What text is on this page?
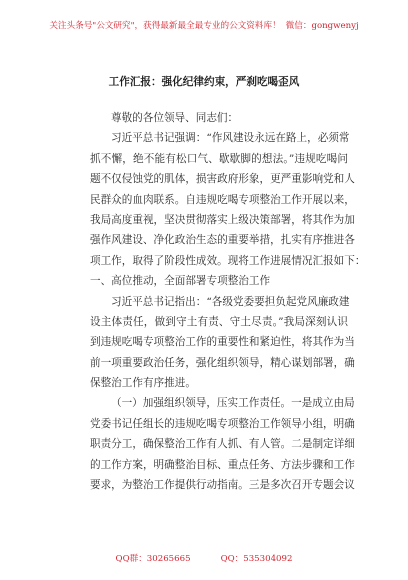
关注头条号"公文研究"，获得最新最全最专业的公文资料库！ 微信：gongwenyj
工作汇报：强化纪律约束，严刹吃喝歪风
尊敬的各位领导、同志们：
习近平总书记强调：“作风建设永远在路上，必须常
抓不懈，绝不能有松口气、歇歇脚的想法。”违规吃喝问
题不仅侵蚀党的肌体，损害政府形象，更严重影响党和人
民群众的血肉联系。自违规吃喝专项整治工作开展以来，
我局高度重视，坚决贯彻落实上级决策部署，将其作为加
强作风建设、净化政治生态的重要举措，扎实有序推进各
项工作，取得了阶段性成效。现将工作进展情况汇报如下：
一、高位推动，全面部署专项整治工作
习近平总书记指出：“各级党委要担负起党风廉政建
设主体责任，做到守土有责、守土尽责。”我局深刻认识
到违规吃喝专项整治工作的重要性和紧迫性，将其作为当
前一项重要政治任务，强化组织领导，精心谋划部署，确
保整治工作有序推进。
（一）加强组织领导，压实工作责任。一是成立由局
党委书记任组长的违规吃喝专项整治工作领导小组，明确
职责分工，确保整治工作有人抓、有人管。二是制定详细
的工作方案，明确整治目标、重点任务、方法步骤和工作
要求，为整治工作提供行动指南。三是多次召开专题会议
QQ群：30265665	QQ：535304092
